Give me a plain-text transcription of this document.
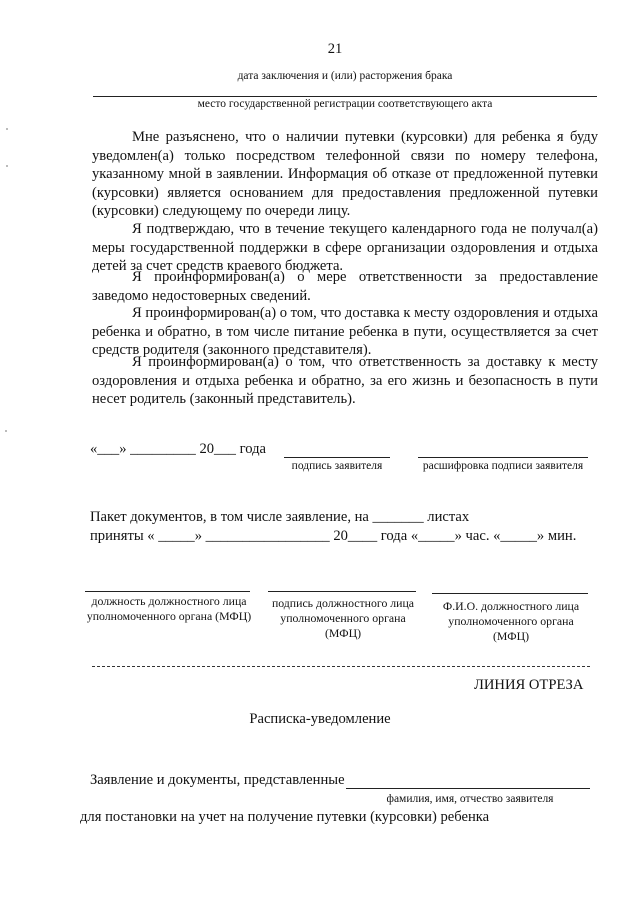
21
дата заключения и (или) расторжения брака
место государственной регистрации соответствующего акта
Мне разъяснено, что о наличии путевки (курсовки) для ребенка я буду уведомлен(а) только посредством телефонной связи по номеру телефона, указанному мной в заявлении. Информация об отказе от предложенной путевки (курсовки) является основанием для предоставления предложенной путевки (курсовки) следующему по очереди лицу.
Я подтверждаю, что в течение текущего календарного года не получал(а) меры государственной поддержки в сфере организации оздоровления и отдыха детей за счет средств краевого бюджета.
Я проинформирован(а) о мере ответственности за предоставление заведомо недостоверных сведений.
Я проинформирован(а) о том, что доставка к месту оздоровления и отдыха ребенка и обратно, в том числе питание ребенка в пути, осуществляется за счет средств родителя (законного представителя).
Я проинформирован(а) о том, что ответственность за доставку к месту оздоровления и отдыха ребенка и обратно, за его жизнь и безопасность в пути несет родитель (законный представитель).
«___» _________ 20___ года
подпись заявителя	расшифровка подписи заявителя
Пакет документов, в том числе заявление, на _______ листах
приняты « _____» _________________ 20____ года «_____» час. «_____» мин.
должность должностного лица уполномоченного органа (МФЦ)
подпись должностного лица уполномоченного органа (МФЦ)
Ф.И.О. должностного лица уполномоченного органа (МФЦ)
ЛИНИЯ ОТРЕЗА
Расписка-уведомление
Заявление и документы, представленные
фамилия, имя, отчество заявителя
для постановки на учет на получение путевки (курсовки) ребенка
